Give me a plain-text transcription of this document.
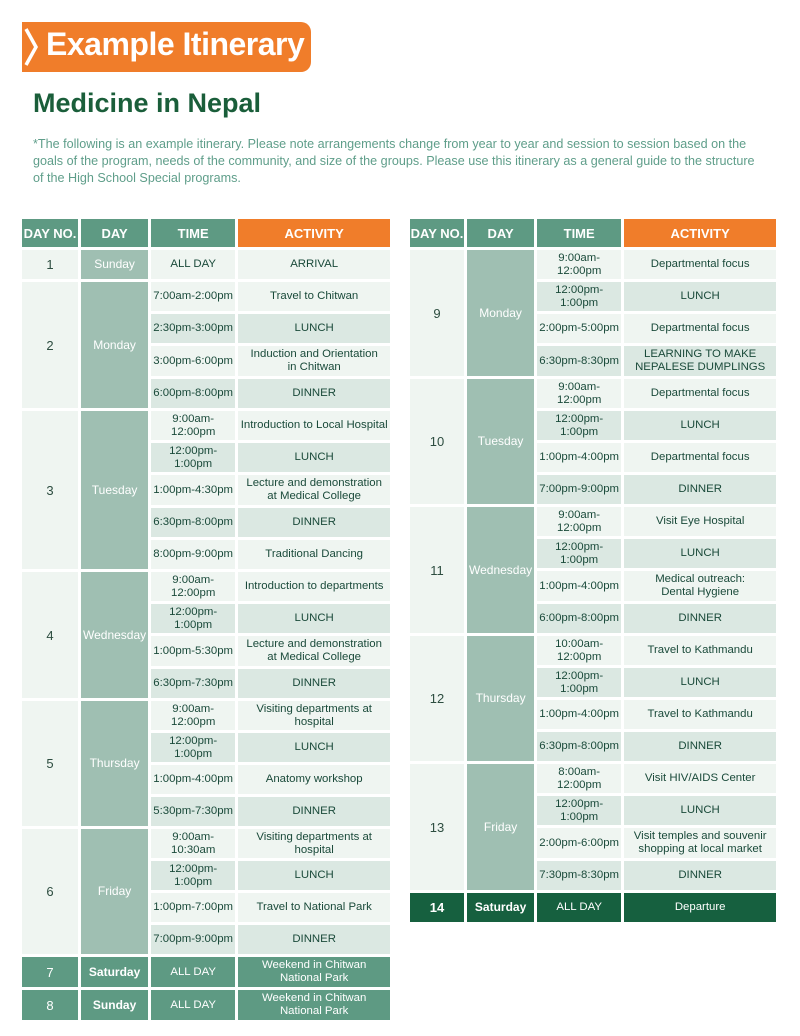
Example Itinerary
Medicine in Nepal

*The following is an example itinerary. Please note arrangements change from year to year and session to session based on the goals of the program, needs of the community, and size of the groups. Please use this itinerary as a general guide to the structure of the High School Special programs.

DAY NO.	DAY	TIME	ACTIVITY
1	Sunday	ALL DAY	ARRIVAL
2	Monday	7:00am-2:00pm	Travel to Chitwan
		2:30pm-3:00pm	LUNCH
		3:00pm-6:00pm	Induction and Orientation
in Chitwan
		6:00pm-8:00pm	DINNER
3	Tuesday	9:00am-12:00pm	Introduction to Local Hospital
		12:00pm-1:00pm	LUNCH
		1:00pm-4:30pm	Lecture and demonstration
at Medical College
		6:30pm-8:00pm	DINNER
		8:00pm-9:00pm	Traditional Dancing
4	Wednesday	9:00am-12:00pm	Introduction to departments
		12:00pm-1:00pm	LUNCH
		1:00pm-5:30pm	Lecture and demonstration
at Medical College
		6:30pm-7:30pm	DINNER
5	Thursday	9:00am-12:00pm	Visiting departments at hospital
		12:00pm-1:00pm	LUNCH
		1:00pm-4:00pm	Anatomy workshop
		5:30pm-7:30pm	DINNER
6	Friday	9:00am-10:30am	Visiting departments at hospital
		12:00pm-1:00pm	LUNCH
		1:00pm-7:00pm	Travel to National Park
		7:00pm-9:00pm	DINNER
7	Saturday	ALL DAY	Weekend in Chitwan
National Park
8	Sunday	ALL DAY	Weekend in Chitwan
National Park
DAY NO.	DAY	TIME	ACTIVITY
9	Monday	9:00am-12:00pm	Departmental focus
		12:00pm-1:00pm	LUNCH
		2:00pm-5:00pm	Departmental focus
		6:30pm-8:30pm	LEARNING TO MAKE
NEPALESE DUMPLINGS
10	Tuesday	9:00am-12:00pm	Departmental focus
		12:00pm-1:00pm	LUNCH
		1:00pm-4:00pm	Departmental focus
		7:00pm-9:00pm	DINNER
11	Wednesday	9:00am-12:00pm	Visit Eye Hospital
		12:00pm-1:00pm	LUNCH
		1:00pm-4:00pm	Medical outreach:
Dental Hygiene
		6:00pm-8:00pm	DINNER
12	Thursday	10:00am-12:00pm	Travel to Kathmandu
		12:00pm-1:00pm	LUNCH
		1:00pm-4:00pm	Travel to Kathmandu
		6:30pm-8:00pm	DINNER
13	Friday	8:00am-12:00pm	Visit HIV/AIDS Center
		12:00pm-1:00pm	LUNCH
		2:00pm-6:00pm	Visit temples and souvenir
shopping at local market
		7:30pm-8:30pm	DINNER
14	Saturday	ALL DAY	Departure
